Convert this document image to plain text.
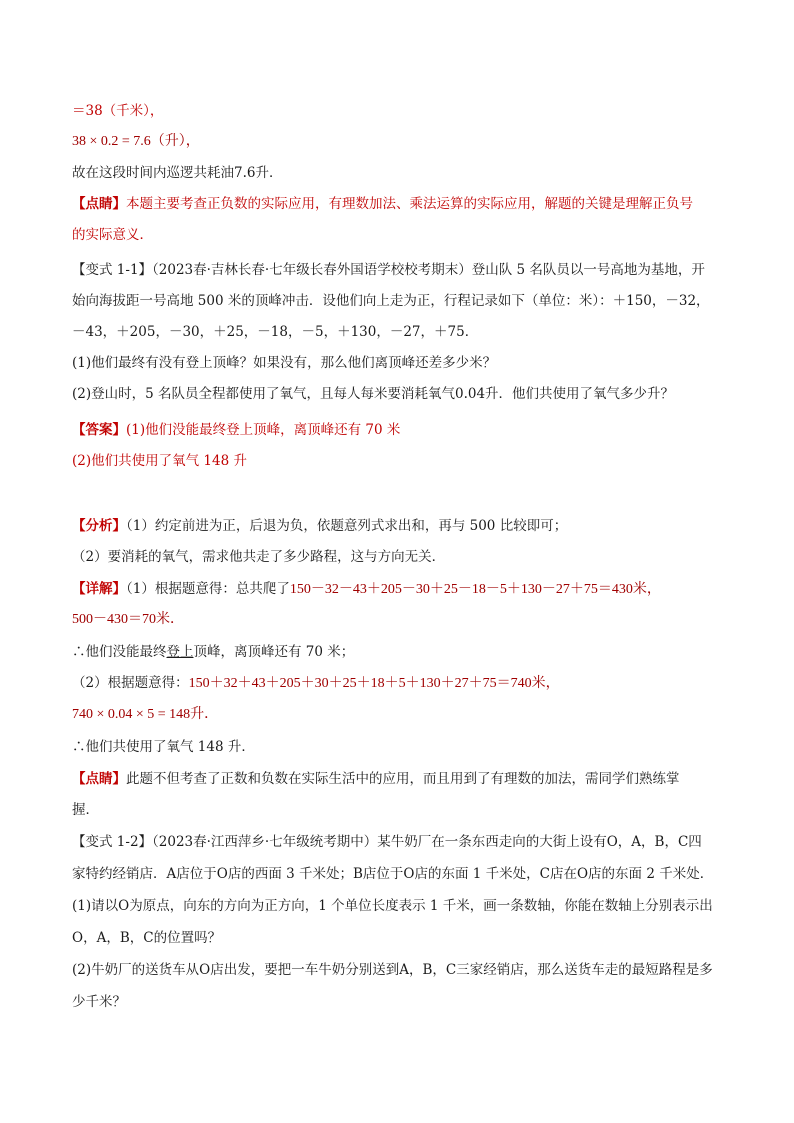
＝38（千米），
38 × 0.2 = 7.6（升），
故在这段时间内巡逻共耗油7.6升．
【点睛】本题主要考查正负数的实际应用，有理数加法、乘法运算的实际应用，解题的关键是理解正负号
的实际意义．
【变式 1-1】（2023春·吉林长春·七年级长春外国语学校校考期末）登山队 5 名队员以一号高地为基地，开
始向海拔距一号高地 500 米的顶峰冲击．设他们向上走为正，行程记录如下（单位：米）：＋150，－32，
－43，＋205，－30，＋25，－18，－5，＋130，－27，＋75．
(1)他们最终有没有登上顶峰？如果没有，那么他们离顶峰还差多少米？
(2)登山时，5 名队员全程都使用了氧气，且每人每米要消耗氧气0.04升．他们共使用了氧气多少升？
【答案】(1)他们没能最终登上顶峰，离顶峰还有 70 米
(2)他们共使用了氧气 148 升
【分析】（1）约定前进为正，后退为负，依题意列式求出和，再与 500 比较即可；
（2）要消耗的氧气，需求他共走了多少路程，这与方向无关．
【详解】（1）根据题意得：总共爬了150－32－43＋205－30＋25－18－5＋130－27＋75＝430米，
500－430＝70米．
∴他们没能最终登上顶峰，离顶峰还有 70 米；
（2）根据题意得：150＋32＋43＋205＋30＋25＋18＋5＋130＋27＋75＝740米，
740 × 0.04 × 5 = 148升．
∴他们共使用了氧气 148 升．
【点睛】此题不但考查了正数和负数在实际生活中的应用，而且用到了有理数的加法，需同学们熟练掌
握．
【变式 1-2】（2023春·江西萍乡·七年级统考期中）某牛奶厂在一条东西走向的大街上设有O，A，B，C四
家特约经销店．A店位于O店的西面 3 千米处；B店位于O店的东面 1 千米处，C店在O店的东面 2 千米处．
(1)请以O为原点，向东的方向为正方向，1 个单位长度表示 1 千米，画一条数轴，你能在数轴上分别表示出
O，A，B，C的位置吗？
(2)牛奶厂的送货车从O店出发，要把一车牛奶分别送到A，B，C三家经销店，那么送货车走的最短路程是多
少千米？
